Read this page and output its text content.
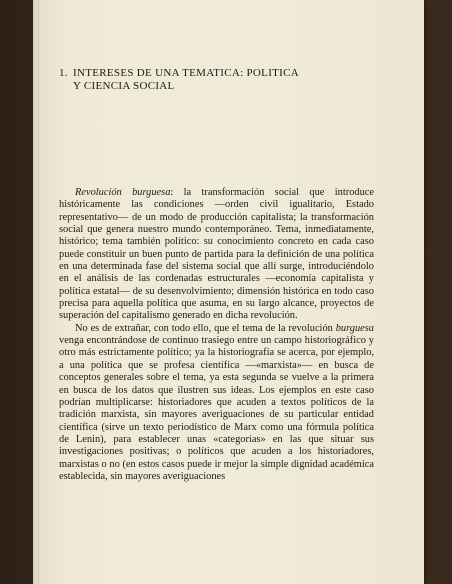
1. INTERESES DE UNA TEMATICA: POLITICA
Y CIENCIA SOCIAL

Revolución burguesa: la transformación social que introduce históricamente las condiciones —orden civil igualitario, Estado representativo— de un modo de producción capitalista; la transformación social que genera nuestro mundo contemporáneo. Tema, inmediatamente, histórico; tema también político: su conocimiento concreto en cada caso puede constituir un buen punto de partida para la definición de una política en una determinada fase del sistema social que allí surge, introduciéndolo en el análisis de las cordenadas estructurales —economía capitalista y política estatal— de su desenvolvimiento; dimensión histórica en todo caso precisa para aquella política que asuma, en su largo alcance, proyectos de superación del capitalismo generado en dicha revolución.

No es de extrañar, con todo ello, que el tema de la revolución burguesa venga encontrándose de continuo trasiego entre un campo historiográfico y otro más estrictamente político; ya la historiografía se acerca, por ejemplo, a una política que se profesa científica —«marxista»— en busca de conceptos generales sobre el tema, ya esta segunda se vuelve a la primera en busca de los datos que ilustren sus ideas. Los ejemplos en este caso podrían multiplicarse: historiadores que acuden a textos políticos de la tradición marxista, sin mayores averiguaciones de su particular entidad científica (sirve un texto periodístico de Marx como una fórmula política de Lenin), para establecer unas «categorías» en las que situar sus investigaciones positivas; o políticos que acuden a los historiadores, marxistas o no (en estos casos puede ir mejor la simple dignidad académica establecida, sin mayores averiguaciones
